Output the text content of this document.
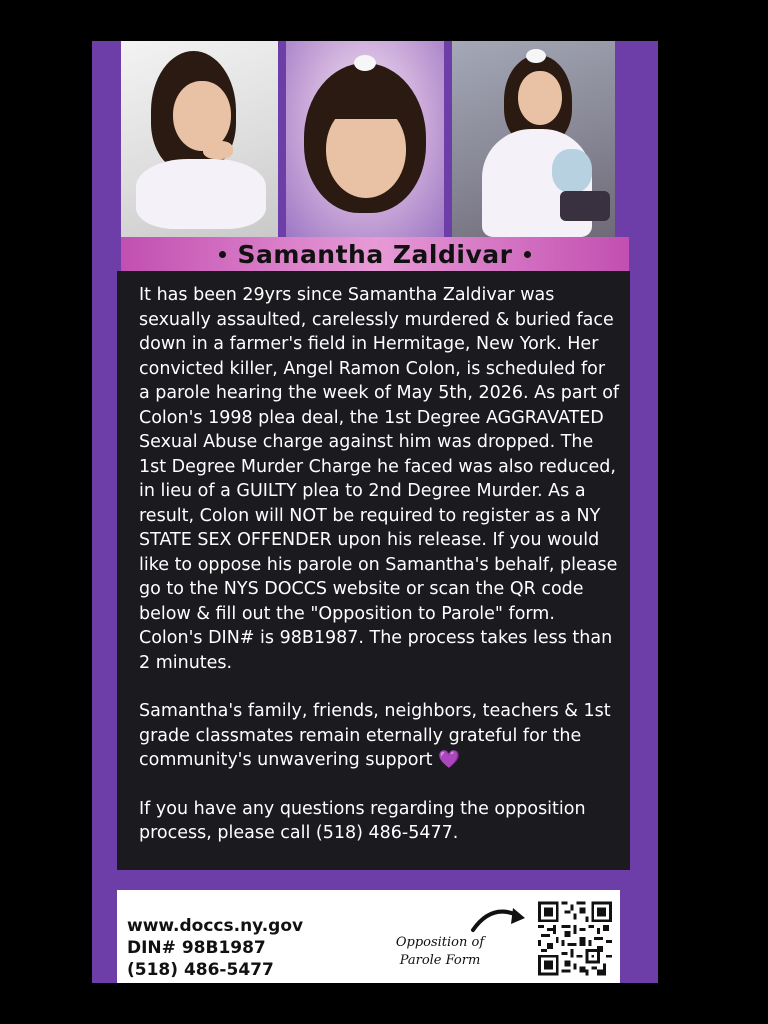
Samantha Zaldivar

It has been 29yrs since Samantha Zaldivar was sexually assaulted, carelessly murdered & buried face down in a farmer's field in Hermitage, New York. Her convicted killer, Angel Ramon Colon, is scheduled for a parole hearing the week of May 5th, 2026. As part of Colon's 1998 plea deal, the 1st Degree AGGRAVATED Sexual Abuse charge against him was dropped. The 1st Degree Murder Charge he faced was also reduced, in lieu of a GUILTY plea to 2nd Degree Murder. As a result, Colon will NOT be required to register as a NY STATE SEX OFFENDER upon his release. If you would like to oppose his parole on Samantha's behalf, please go to the NYS DOCCS website or scan the QR code below & fill out the "Opposition to Parole" form. Colon's DIN# is 98B1987. The process takes less than 2 minutes.

Samantha's family, friends, neighbors, teachers & 1st grade classmates remain eternally grateful for the community's unwavering support 💜

If you have any questions regarding the opposition process, please call (518) 486-5477.

www.doccs.ny.gov
DIN# 98B1987
(518) 486-5477
Opposition of
Parole Form
